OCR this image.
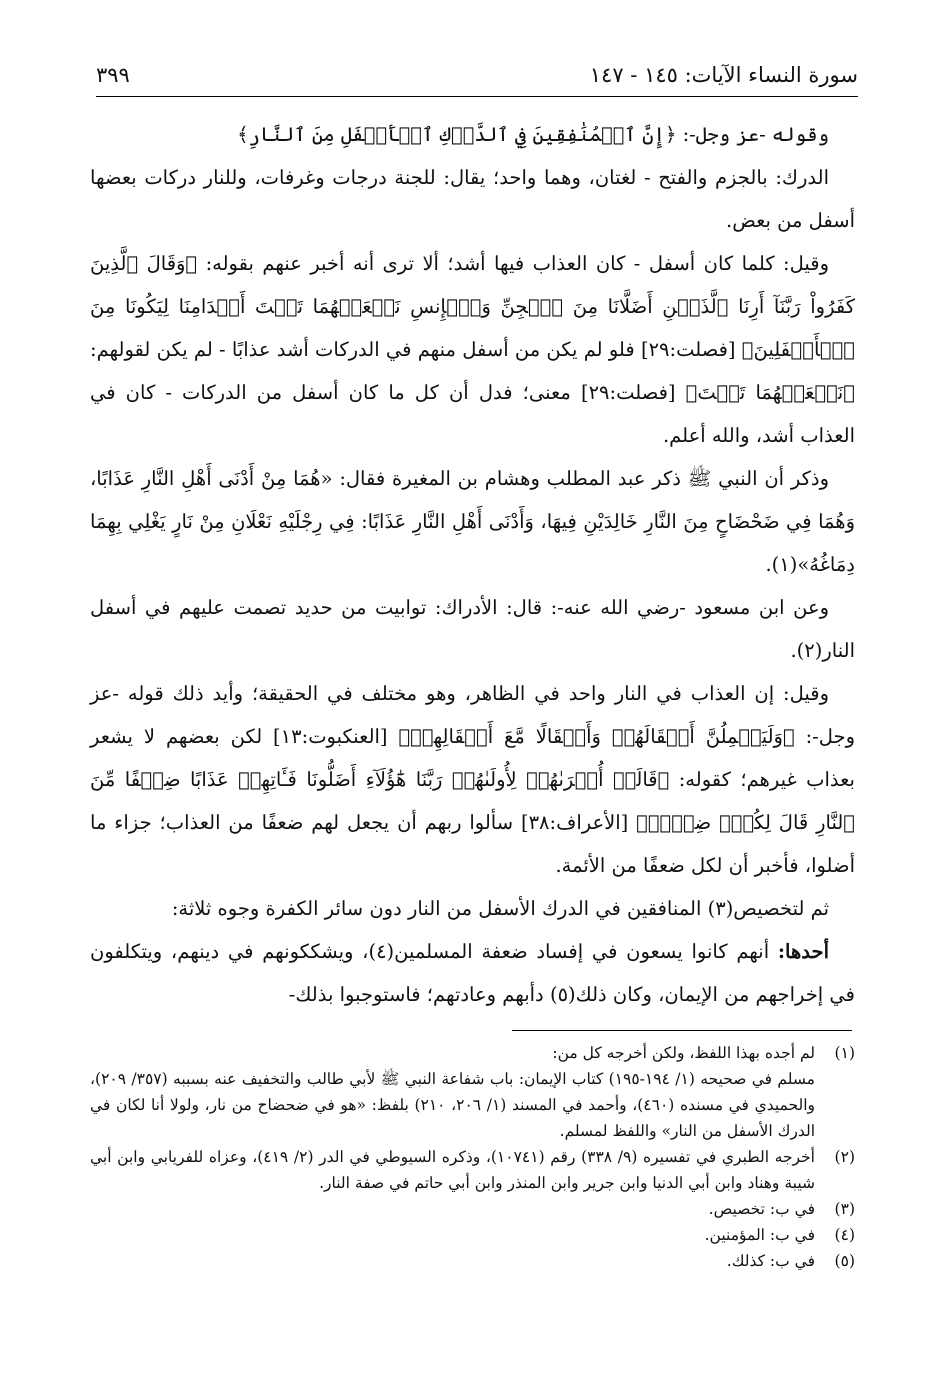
سورة النساء الآيات: ١٤٥ - ١٤٧
٣٩٩

وقوله -عز وجل-: ﴿إِنَّ ٱلۡمُنَٰفِقِينَ فِي ٱلدَّرۡكِ ٱلۡأَسۡفَلِ مِنَ ٱلنَّارِ﴾

الدرك: بالجزم والفتح - لغتان، وهما واحد؛ يقال: للجنة درجات وغرفات، وللنار دركات بعضها أسفل من بعض.

وقيل: كلما كان أسفل - كان العذاب فيها أشد؛ ألا ترى أنه أخبر عنهم بقوله: ﴿وَقَالَ ٱلَّذِينَ كَفَرُواْ رَبَّنَآ أَرِنَا ٱلَّذَيۡنِ أَضَلَّانَا مِنَ ٱلۡجِنِّ وَٱلۡإِنسِ نَجۡعَلۡهُمَا تَحۡتَ أَقۡدَامِنَا لِيَكُونَا مِنَ ٱلۡأَسۡفَلِينَ﴾ [فصلت:٢٩] فلو لم يكن من أسفل منهم في الدركات أشد عذابًا - لم يكن لقولهم: ﴿نَجۡعَلۡهُمَا تَحۡتَ﴾ [فصلت:٢٩] معنى؛ فدل أن كل ما كان أسفل من الدركات - كان في العذاب أشد، والله أعلم.

وذكر أن النبي ﷺ ذكر عبد المطلب وهشام بن المغيرة فقال: «هُمَا مِنْ أَدْنَى أَهْلِ النَّارِ عَذَابًا، وَهُمَا فِي ضَحْضَاحٍ مِنَ النَّارِ خَالِدَيْنِ فِيهَا، وَأَدْنَى أَهْلِ النَّارِ عَذَابًا: فِي رِجْلَيْهِ نَعْلَانِ مِنْ نَارٍ يَغْلِي بِهِمَا دِمَاغُهُ»(١).

وعن ابن مسعود -رضي الله عنه-: قال: الأدراك: توابيت من حديد تصمت عليهم في أسفل النار(٢).

وقيل: إن العذاب في النار واحد في الظاهر، وهو مختلف في الحقيقة؛ وأيد ذلك قوله -عز وجل-: ﴿وَلَيَحۡمِلُنَّ أَثۡقَالَهُمۡ وَأَثۡقَالًا مَّعَ أَثۡقَالِهِمۡ﴾ [العنكبوت:١٣] لكن بعضهم لا يشعر بعذاب غيرهم؛ كقوله: ﴿قَالَتۡ أُخۡرَىٰهُمۡ لِأُولَىٰهُمۡ رَبَّنَا هَٰٓؤُلَآءِ أَضَلُّونَا فَـَٔاتِهِمۡ عَذَابًا ضِعۡفًا مِّنَ ٱلنَّارِ قَالَ لِكُلّٖ ضِعۡفٞ﴾ [الأعراف:٣٨] سألوا ربهم أن يجعل لهم ضعفًا من العذاب؛ جزاء ما أضلوا، فأخبر أن لكل ضعفًا من الأئمة.

ثم لتخصيص(٣) المنافقين في الدرك الأسفل من النار دون سائر الكفرة وجوه ثلاثة:

أحدها: أنهم كانوا يسعون في إفساد ضعفة المسلمين(٤)، ويشككونهم في دينهم، ويتكلفون في إخراجهم من الإيمان، وكان ذلك(٥) دأبهم وعادتهم؛ فاستوجبوا بذلك-

(١)
لم أجده بهذا اللفظ، ولكن أخرجه كل من:
مسلم في صحيحه (١/ ١٩٤-١٩٥) كتاب الإيمان: باب شفاعة النبي ﷺ لأبي طالب والتخفيف عنه بسببه (٣٥٧/ ٢٠٩)، والحميدي في مسنده (٤٦٠)، وأحمد في المسند (١/ ٢٠٦، ٢١٠) بلفظ: «هو في ضحضاح من نار، ولولا أنا لكان في الدرك الأسفل من النار» واللفظ لمسلم.
(٢)
أخرجه الطبري في تفسيره (٩/ ٣٣٨) رقم (١٠٧٤١)، وذكره السيوطي في الدر (٢/ ٤١٩)، وعزاه للفريابي وابن أبي شيبة وهناد وابن أبي الدنيا وابن جرير وابن المنذر وابن أبي حاتم في صفة النار.
(٣)
في ب: تخصيص.
(٤)
في ب: المؤمنين.
(٥)
في ب: كذلك.
